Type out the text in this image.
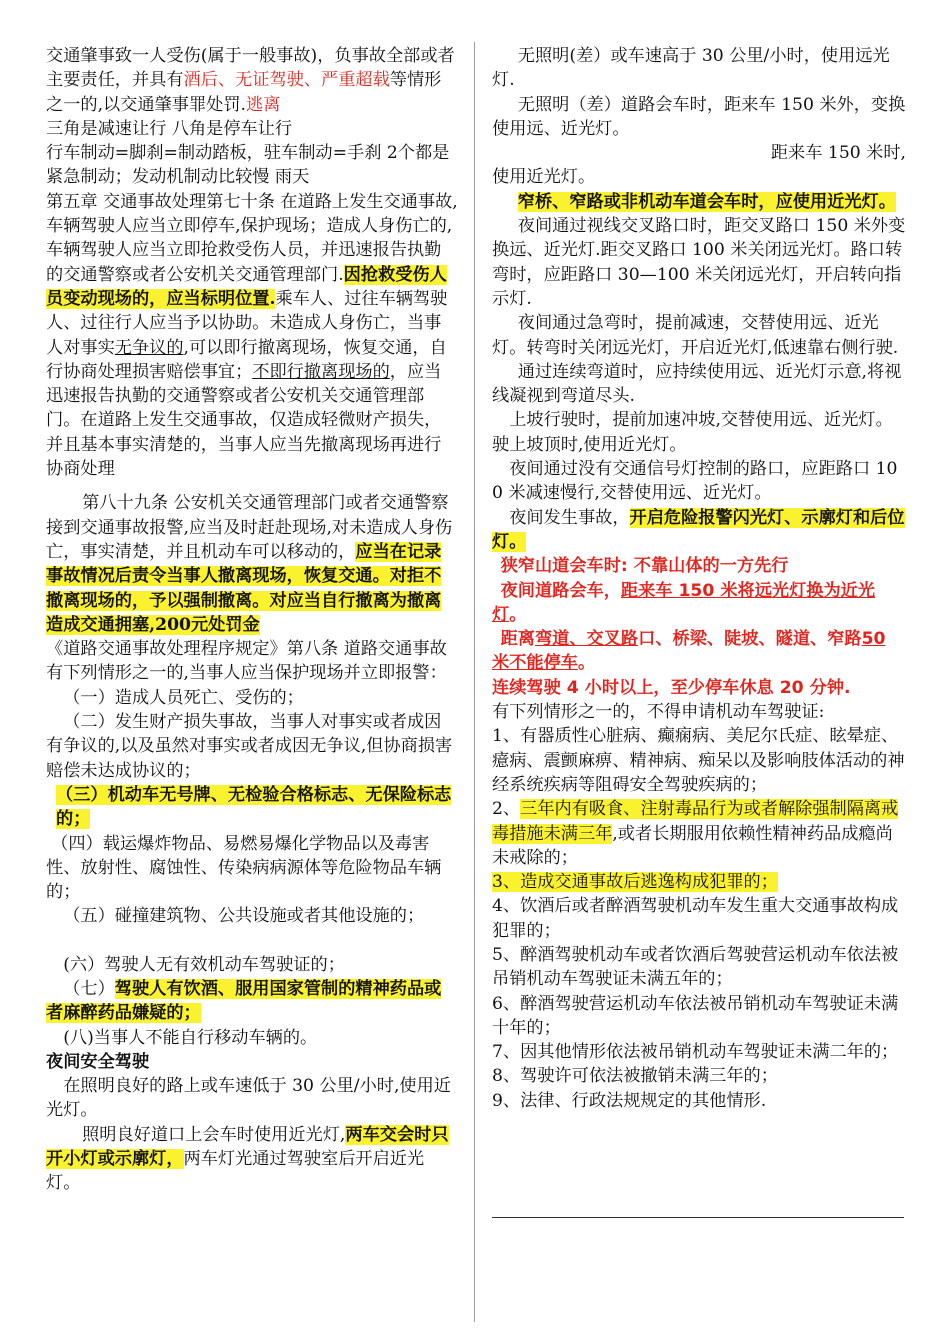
交通肇事致一人受伤(属于一般事故)，负事故全部或者主要责任，并具有酒后、无证驾驶、严重超载等情形之一的,以交通肇事罪处罚.逃离

三角是减速让行 八角是停车让行

行车制动=脚刹=制动踏板，驻车制动=手刹 2个都是紧急制动；发动机制动比较慢 雨天

第五章 交通事故处理第七十条 在道路上发生交通事故,车辆驾驶人应当立即停车,保护现场；造成人身伤亡的,车辆驾驶人应当立即抢救受伤人员，并迅速报告执勤的交通警察或者公安机关交通管理部门.因抢救受伤人员变动现场的，应当标明位置.乘车人、过往车辆驾驶人、过往行人应当予以协助。未造成人身伤亡，当事人对事实无争议的,可以即行撤离现场，恢复交通，自行协商处理损害赔偿事宜；不即行撤离现场的，应当迅速报告执勤的交通警察或者公安机关交通管理部门。在道路上发生交通事故，仅造成轻微财产损失，并且基本事实清楚的，当事人应当先撤离现场再进行协商处理

第八十九条 公安机关交通管理部门或者交通警察接到交通事故报警,应当及时赶赴现场,对未造成人身伤亡，事实清楚，并且机动车可以移动的，应当在记录事故情况后责令当事人撤离现场，恢复交通。对拒不撤离现场的，予以强制撤离。对应当自行撤离为撤离造成交通拥塞,200元处罚金

《道路交通事故处理程序规定》第八条 道路交通事故有下列情形之一的,当事人应当保护现场并立即报警：

（一）造成人员死亡、受伤的；

（二）发生财产损失事故，当事人对事实或者成因有争议的,以及虽然对事实或者成因无争议,但协商损害赔偿未达成协议的；

（三）机动车无号牌、无检验合格标志、无保险标志的；

（四）载运爆炸物品、易燃易爆化学物品以及毒害性、放射性、腐蚀性、传染病病源体等危险物品车辆的；

（五）碰撞建筑物、公共设施或者其他设施的；

(六）驾驶人无有效机动车驾驶证的；

（七）驾驶人有饮酒、服用国家管制的精神药品或者麻醉药品嫌疑的；

(八)当事人不能自行移动车辆的。

夜间安全驾驶

在照明良好的路上或车速低于 30 公里/小时,使用近光灯。

照明良好道口上会车时使用近光灯,两车交会时只开小灯或示廓灯，两车灯光通过驾驶室后开启近光灯。

无照明(差）或车速高于 30 公里/小时，使用远光灯.

无照明（差）道路会车时，距来车 150 米外，变换使用远、近光灯。

距来车 150 米时,

使用近光灯。

窄桥、窄路或非机动车道会车时，应使用近光灯。

夜间通过视线交叉路口时，距交叉路口 150 米外变换远、近光灯.距交叉路口 100 米关闭远光灯。路口转弯时，应距路口 30—100 米关闭远光灯，开启转向指示灯.

夜间通过急弯时，提前减速，交替使用远、近光灯。转弯时关闭远光灯，开启近光灯,低速靠右侧行驶.

通过连续弯道时，应持续使用远、近光灯示意,将视线凝视到弯道尽头.

上坡行驶时，提前加速冲坡,交替使用远、近光灯。驶上坡顶时,使用近光灯。

夜间通过没有交通信号灯控制的路口，应距路口 100 米减速慢行,交替使用远、近光灯。

夜间发生事故，开启危险报警闪光灯、示廓灯和后位灯。

狭窄山道会车时: 不靠山体的一方先行

夜间道路会车，距来车 150 米将远光灯换为近光灯。

距离弯道、交叉路口、桥梁、陡坡、隧道、窄路50 米不能停车。

连续驾驶 4 小时以上，至少停车休息 20 分钟.

有下列情形之一的，不得申请机动车驾驶证:

1、有器质性心脏病、癫痫病、美尼尔氏症、眩晕症、癔病、震颤麻痹、精神病、痴呆以及影响肢体活动的神经系统疾病等阻碍安全驾驶疾病的；

2、三年内有吸食、注射毒品行为或者解除强制隔离戒毒措施未满三年,或者长期服用依赖性精神药品成瘾尚未戒除的；

3、造成交通事故后逃逸构成犯罪的；

4、饮酒后或者醉酒驾驶机动车发生重大交通事故构成犯罪的；

5、醉酒驾驶机动车或者饮酒后驾驶营运机动车依法被吊销机动车驾驶证未满五年的；

6、醉酒驾驶营运机动车依法被吊销机动车驾驶证未满十年的；

7、因其他情形依法被吊销机动车驾驶证未满二年的；

8、驾驶许可依法被撤销未满三年的；

9、法律、行政法规规定的其他情形.
